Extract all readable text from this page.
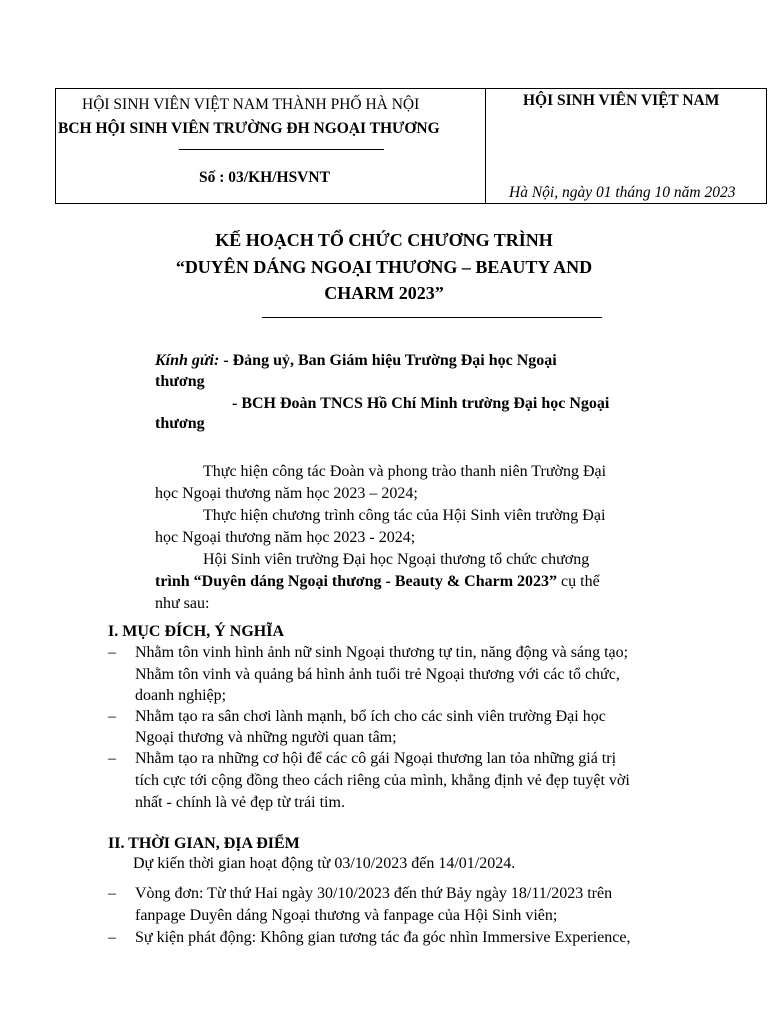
HỘI SINH VIÊN VIỆT NAM THÀNH PHỐ HÀ NỘI
BCH HỘI SINH VIÊN TRƯỜNG ĐH NGOẠI THƯƠNG
Số : 03/KH/HSVNT
HỘI SINH VIÊN VIỆT NAM
Hà Nội, ngày 01 tháng 10 năm 2023
KẾ HOẠCH TỔ CHỨC CHƯƠNG TRÌNH
“DUYÊN DÁNG NGOẠI THƯƠNG – BEAUTY AND
CHARM 2023”
Kính gửi: - Đảng uỷ, Ban Giám hiệu Trường Đại học Ngoại
thương
- BCH Đoàn TNCS Hồ Chí Minh trường Đại học Ngoại
thương
Thực hiện công tác Đoàn và phong trào thanh niên Trường Đại
học Ngoại thương năm học 2023 – 2024;
Thực hiện chương trình công tác của Hội Sinh viên trường Đại
học Ngoại thương năm học 2023 - 2024;
Hội Sinh viên trường Đại học Ngoại thương tổ chức chương
trình “Duyên dáng Ngoại thương - Beauty & Charm 2023” cụ thể
như sau:
I. MỤC ĐÍCH, Ý NGHĨA
– Nhằm tôn vinh hình ảnh nữ sinh Ngoại thương tự tin, năng động và sáng tạo;
Nhằm tôn vinh và quảng bá hình ảnh tuổi trẻ Ngoại thương với các tổ chức,
doanh nghiệp;
– Nhằm tạo ra sân chơi lành mạnh, bổ ích cho các sinh viên trường Đại học
Ngoại thương và những người quan tâm;
– Nhằm tạo ra những cơ hội để các cô gái Ngoại thương lan tỏa những giá trị
tích cực tới cộng đồng theo cách riêng của mình, khẳng định vẻ đẹp tuyệt vời
nhất - chính là vẻ đẹp từ trái tim.
II. THỜI GIAN, ĐỊA ĐIỂM
Dự kiến thời gian hoạt động từ 03/10/2023 đến 14/01/2024.
– Vòng đơn: Từ thứ Hai ngày 30/10/2023 đến thứ Bảy ngày 18/11/2023 trên
fanpage Duyên dáng Ngoại thương và fanpage của Hội Sinh viên;
– Sự kiện phát động: Không gian tương tác đa góc nhìn Immersive Experience,
